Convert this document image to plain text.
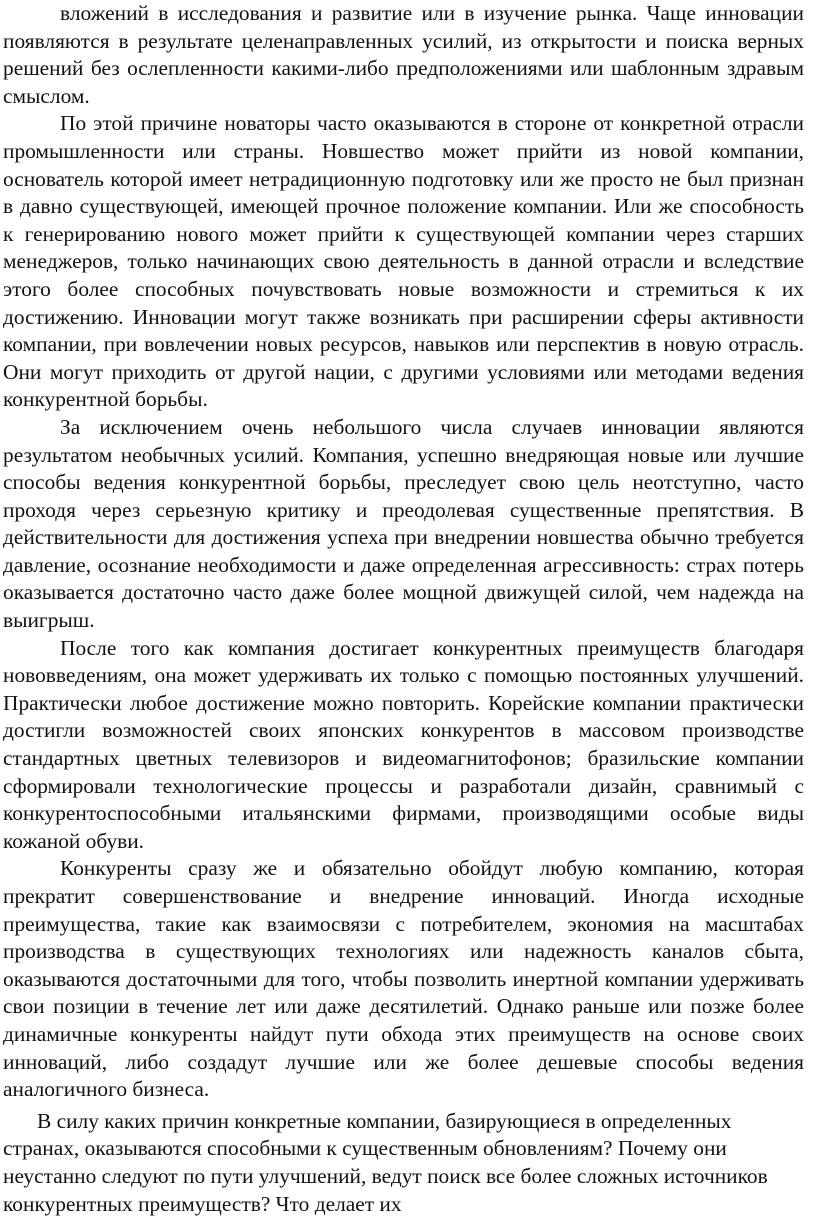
вложений в исследования и развитие или в изучение рынка. Чаще инновации появляются в результате целенаправленных усилий, из открытости и поиска верных решений без ослепленности какими-либо предположениями или шаблонным здравым смыслом.

По этой причине новаторы часто оказываются в стороне от конкретной отрасли промышленности или страны. Новшество может прийти из новой компании, основатель которой имеет нетрадиционную подготовку или же просто не был признан в давно существующей, имеющей прочное положение компании. Или же способность к генерированию нового может прийти к существующей компании через старших менеджеров, только начинающих свою деятельность в данной отрасли и вследствие этого более способных почувствовать новые возможности и стремиться к их достижению. Инновации могут также возникать при расширении сферы активности компании, при вовлечении новых ресурсов, навыков или перспектив в новую отрасль. Они могут приходить от другой нации, с другими условиями или методами ведения конкурентной борьбы.

За исключением очень небольшого числа случаев инновации являются результатом необычных усилий. Компания, успешно внедряющая новые или лучшие способы ведения конкурентной борьбы, преследует свою цель неотступно, часто проходя через серьезную критику и преодолевая существенные препятствия. В действительности для достижения успеха при внедрении новшества обычно требуется давление, осознание необходимости и даже определенная агрессивность: страх потерь оказывается достаточно часто даже более мощной движущей силой, чем надежда на выигрыш.

После того как компания достигает конкурентных преимуществ благодаря нововведениям, она может удерживать их только с помощью постоянных улучшений. Практически любое достижение можно повторить. Корейские компании практически достигли возможностей своих японских конкурентов в массовом производстве стандартных цветных телевизоров и видеомагнитофонов; бразильские компании сформировали технологические процессы и разработали дизайн, сравнимый с конкурентоспособными итальянскими фирмами, производящими особые виды кожаной обуви.

Конкуренты сразу же и обязательно обойдут любую компанию, которая прекратит совершенствование и внедрение инноваций. Иногда исходные преимущества, такие как взаимосвязи с потребителем, экономия на масштабах производства в существующих технологиях или надежность каналов сбыта, оказываются достаточными для того, чтобы позволить инертной компании удерживать свои позиции в течение лет или даже десятилетий. Однако раньше или позже более динамичные конкуренты найдут пути обхода этих преимуществ на основе своих инноваций, либо создадут лучшие или же более дешевые способы ведения аналогичного бизнеса.

В силу каких причин конкретные компании, базирующиеся в определенных странах, оказываются способными к существенным обновлениям? Почему они неустанно следуют по пути улучшений, ведут поиск все более сложных источников конкурентных преимуществ? Что делает их
